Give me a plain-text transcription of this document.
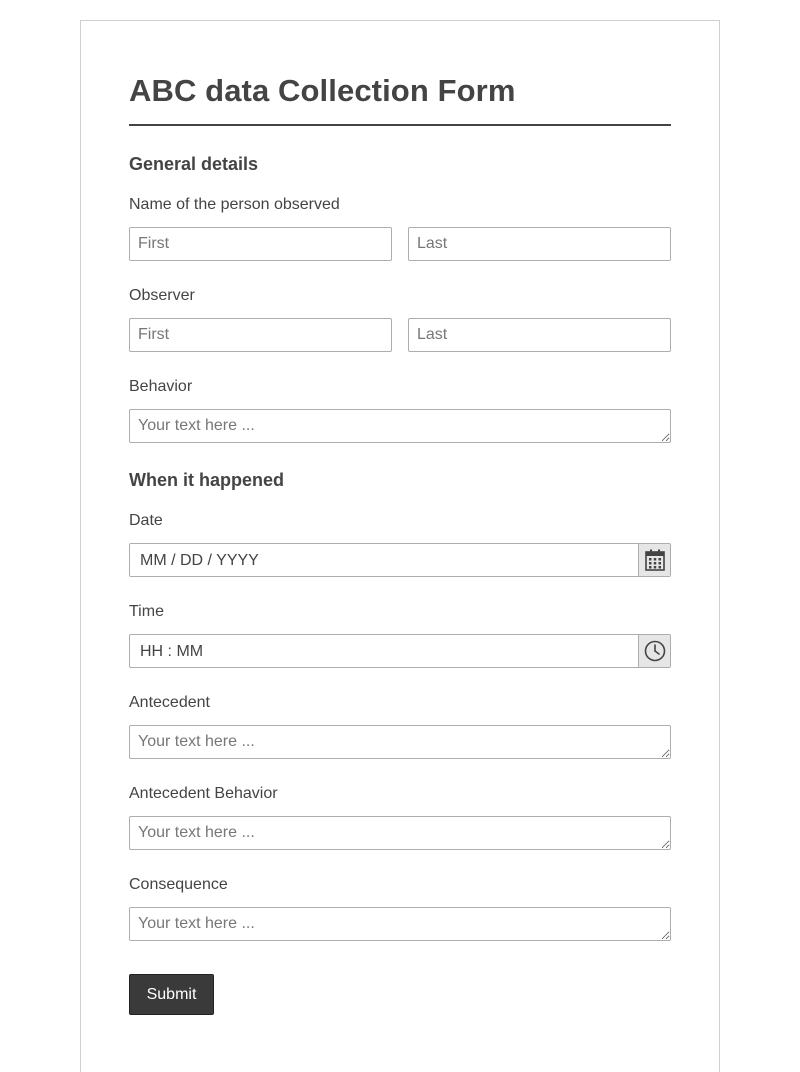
ABC data Collection Form
General details
Name of the person observed
First
Last
Observer
First
Last
Behavior
Your text here ...
When it happened
Date
MM / DD / YYYY
Time
HH : MM
Antecedent
Your text here ...
Antecedent Behavior
Your text here ...
Consequence
Your text here ...
Submit
